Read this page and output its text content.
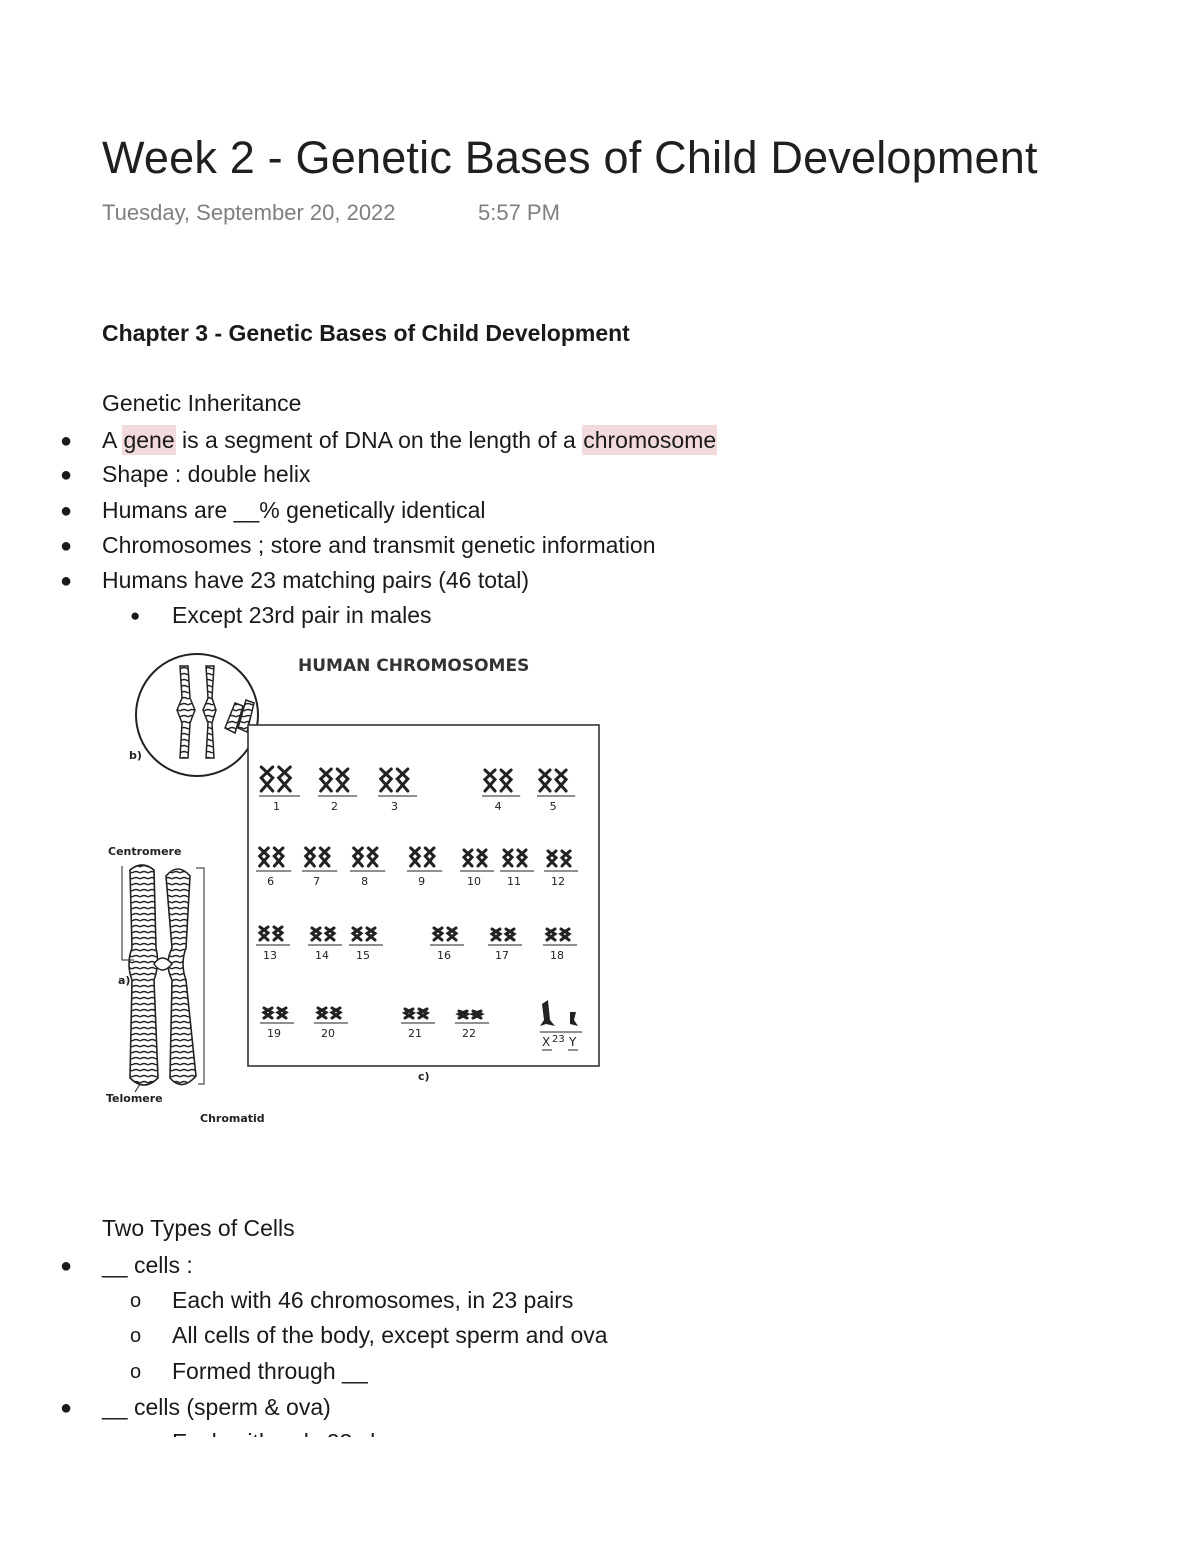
Week 2 - Genetic Bases of Child Development
Tuesday, September 20, 2022	5:57 PM
Chapter 3 - Genetic Bases of Child Development
Genetic Inheritance
● A gene is a segment of DNA on the length of a chromosome
● Shape : double helix
● Humans are __% genetically identical
● Chromosomes ; store and transmit genetic information
● Humans have 23 matching pairs (46 total)
● Except 23rd pair in males
HUMAN CHROMOSOMES
b)
Centromere
a)
Telomere
Chromatid
1	2	3	4	5
6	7	8	9	10 11	12
13	14 15	16	17	18
19	20	21	22
c)
X 23 Y
Two Types of Cells
● __ cells :
o Each with 46 chromosomes, in 23 pairs
o All cells of the body, except sperm and ova
o Formed through __
● __ cells (sperm & ova)
